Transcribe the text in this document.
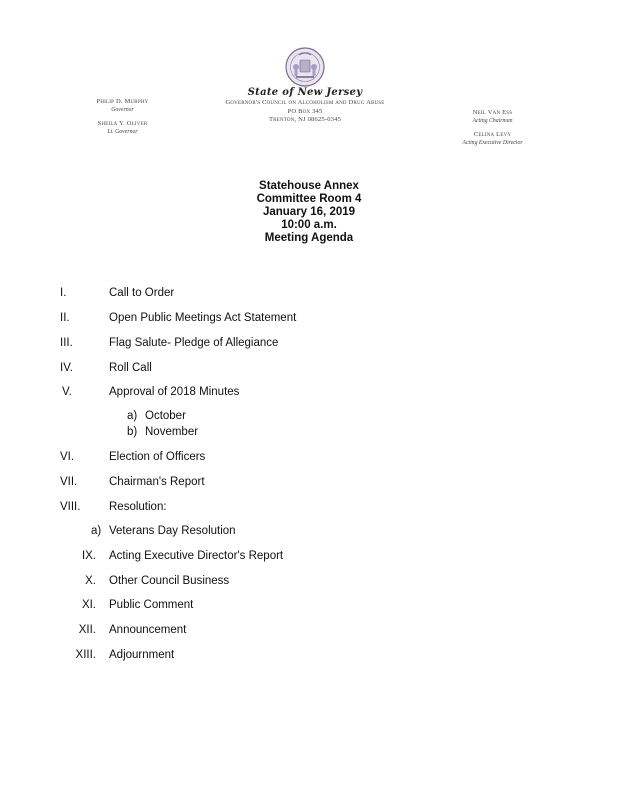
State of New Jersey
Governor's Council on Alcoholism and Drug Abuse
PO Box 345
Trenton, NJ 08625-0345
Philip D. Murphy
Governor
Sheila Y. Oliver
Lt. Governor
Neil Van Ess
Acting Chairman
Celina Levy
Acting Executive Director
Statehouse Annex
Committee Room 4
January 16, 2019
10:00 a.m.
Meeting Agenda
I.	Call to Order
II.	Open Public Meetings Act Statement
III.	Flag Salute- Pledge of Allegiance
IV.	Roll Call
V.	Approval of 2018 Minutes
a) October
b) November
VI.	Election of Officers
VII.	Chairman's Report
VIII.	Resolution:
a) Veterans Day Resolution
IX. Acting Executive Director's Report
X. Other Council Business
XI. Public Comment
XII. Announcement
XIII. Adjournment
